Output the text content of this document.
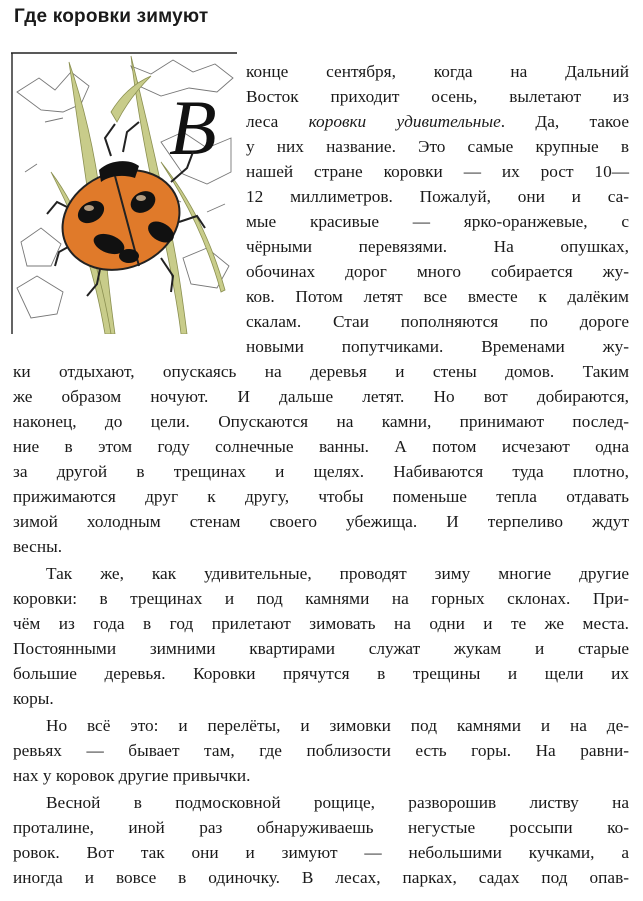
Где коровки зимуют
В
конце сентября, когда на Дальний
Восток приходит осень, вылетают из
леса коровки удивительные. Да, такое
у них название. Это самые крупные в
нашей стране коровки — их рост 10—
12 миллиметров. Пожалуй, они и са-
мые красивые — ярко-оранжевые, с
чёрными перевязями. На опушках,
обочинах дорог много собирается жу-
ков. Потом летят все вместе к далёким
скалам. Стаи пополняются по дороге
новыми попутчиками. Временами жу-
ки отдыхают, опускаясь на деревья и стены домов. Таким
же образом ночуют. И дальше летят. Но вот добираются,
наконец, до цели. Опускаются на камни, принимают послед-
ние в этом году солнечные ванны. А потом исчезают одна
за другой в трещинах и щелях. Набиваются туда плотно,
прижимаются друг к другу, чтобы поменьше тепла отдавать
зимой холодным стенам своего убежища. И терпеливо ждут
весны.
Так же, как удивительные, проводят зиму многие другие
коровки: в трещинах и под камнями на горных склонах. При-
чём из года в год прилетают зимовать на одни и те же места.
Постоянными зимними квартирами служат жукам и старые
большие деревья. Коровки прячутся в трещины и щели их
коры.
Но всё это: и перелёты, и зимовки под камнями и на де-
ревьях — бывает там, где поблизости есть горы. На равни-
нах у коровок другие привычки.
Весной в подмосковной рощице, разворошив листву на
проталине, иной раз обнаруживаешь негустые россыпи ко-
ровок. Вот так они и зимуют — небольшими кучками, а
иногда и вовсе в одиночку. В лесах, парках, садах под опав-
